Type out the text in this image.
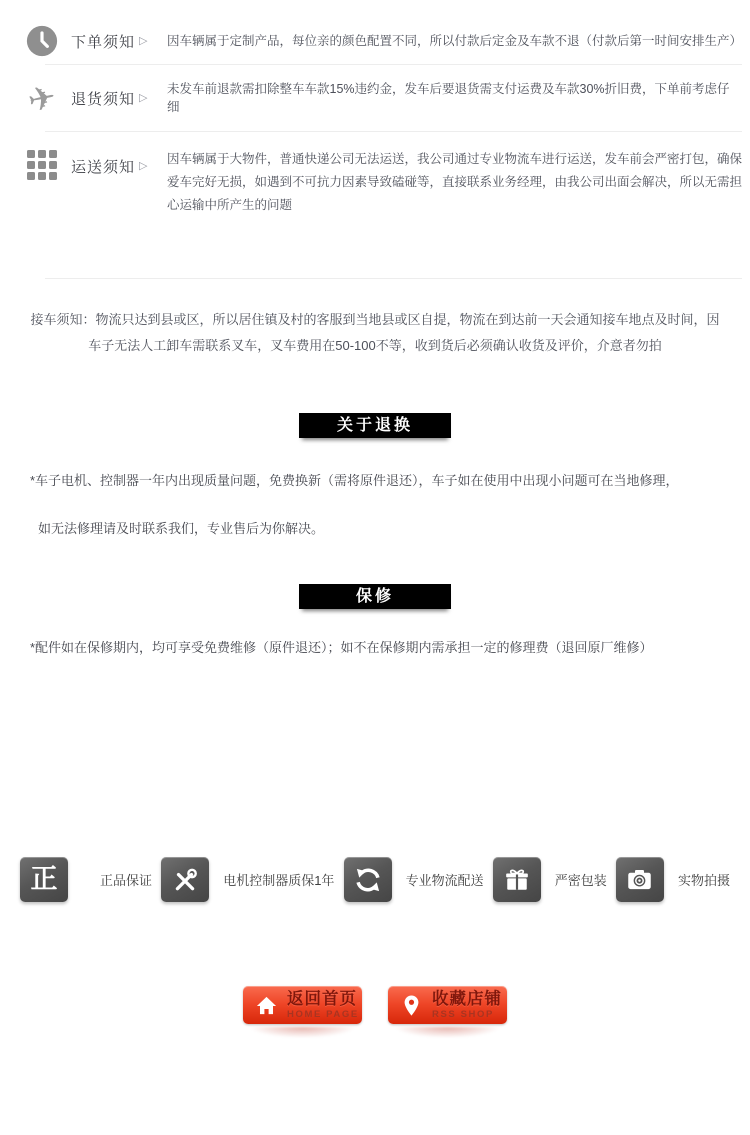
下单须知 ▷ 因车辆属于定制产品，每位亲的颜色配置不同，所以付款后定金及车款不退（付款后第一时间安排生产）
✈ 退货须知 ▷
未发车前退款需扣除整车车款15%违约金，发车后要退货需支付运费及车款30%折旧费，下单前考虑仔细
运送须知 ▷ 因车辆属于大物件，普通快递公司无法运送，我公司通过专业物流车进行运送，发车前会严密打包，确保爱车完好无损，如遇到不可抗力因素导致磕碰等，直接联系业务经理，由我公司出面会解决，所以无需担心运输中所产生的问题

接车须知：物流只达到县或区，所以居住镇及村的客服到当地县或区自提，物流在到达前一天会通知接车地点及时间，因车子无法人工卸车需联系叉车，叉车费用在50-100不等，收到货后必须确认收货及评价，介意者勿拍

关于退换

*车子电机、控制器一年内出现质量问题，免费换新（需将原件退还），车子如在使用中出现小问题可在当地修理，

如无法修理请及时联系我们，专业售后为你解决。

保修

*配件如在保修期内，均可享受免费维修（原件退还）；如不在保修期内需承担一定的修理费（退回原厂维修）

正	正品保证	电机控制器质保1年	专业物流配送	严密包装	实物拍摄
返回首页
HOME PAGE
收藏店铺
RSS SHOP
